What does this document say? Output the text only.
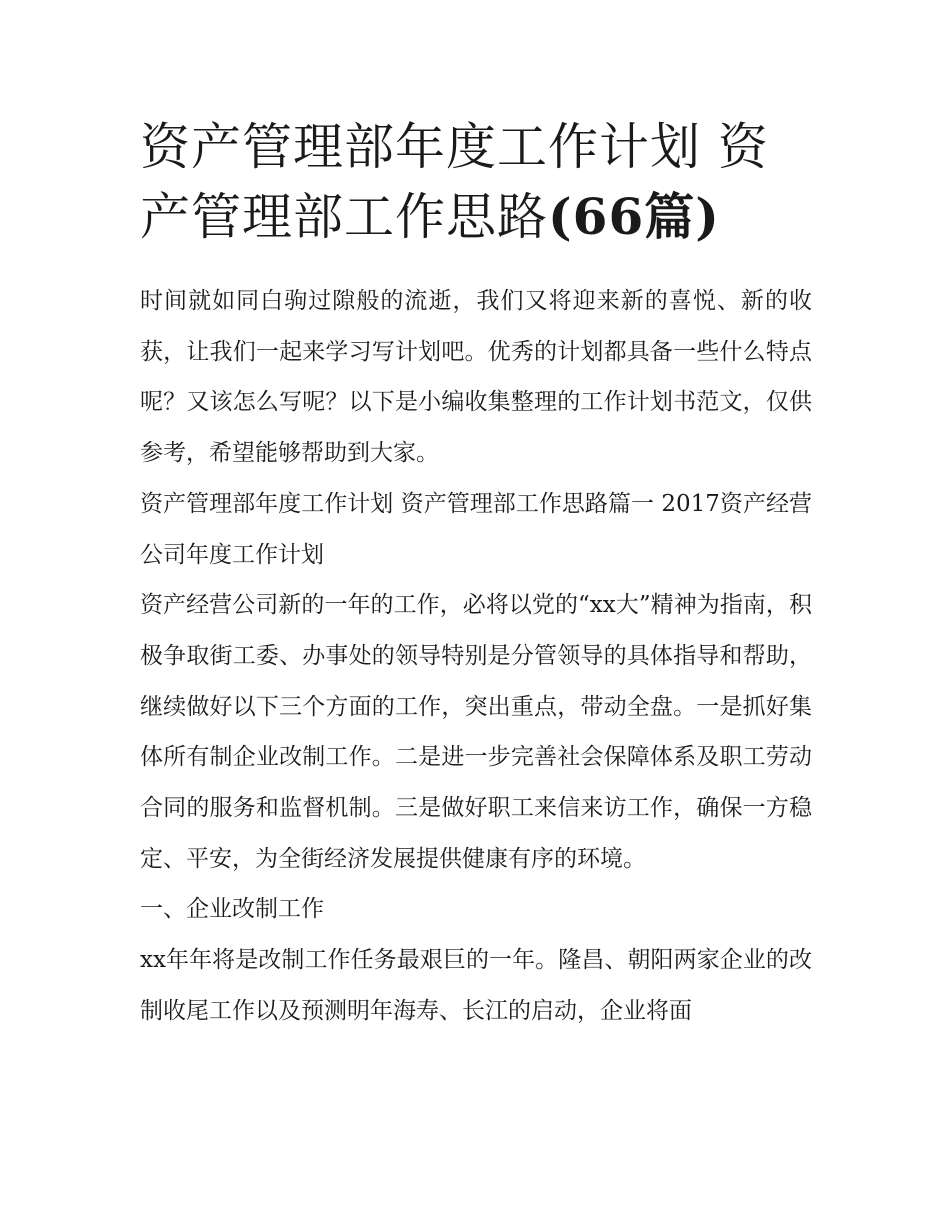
资产管理部年度工作计划 资产管理部工作思路(66篇)

时间就如同白驹过隙般的流逝，我们又将迎来新的喜悦、新的收获，让我们一起来学习写计划吧。优秀的计划都具备一些什么特点呢？又该怎么写呢？以下是小编收集整理的工作计划书范文，仅供参考，希望能够帮助到大家。

资产管理部年度工作计划 资产管理部工作思路篇一 2017资产经营公司年度工作计划

资产经营公司新的一年的工作，必将以党的“xx大”精神为指南，积极争取街工委、办事处的领导特别是分管领导的具体指导和帮助，继续做好以下三个方面的工作，突出重点，带动全盘。一是抓好集体所有制企业改制工作。二是进一步完善社会保障体系及职工劳动合同的服务和监督机制。三是做好职工来信来访工作，确保一方稳定、平安，为全街经济发展提供健康有序的环境。

一、企业改制工作

xx年年将是改制工作任务最艰巨的一年。隆昌、朝阳两家企业的改制收尾工作以及预测明年海寿、长江的启动，企业将面
